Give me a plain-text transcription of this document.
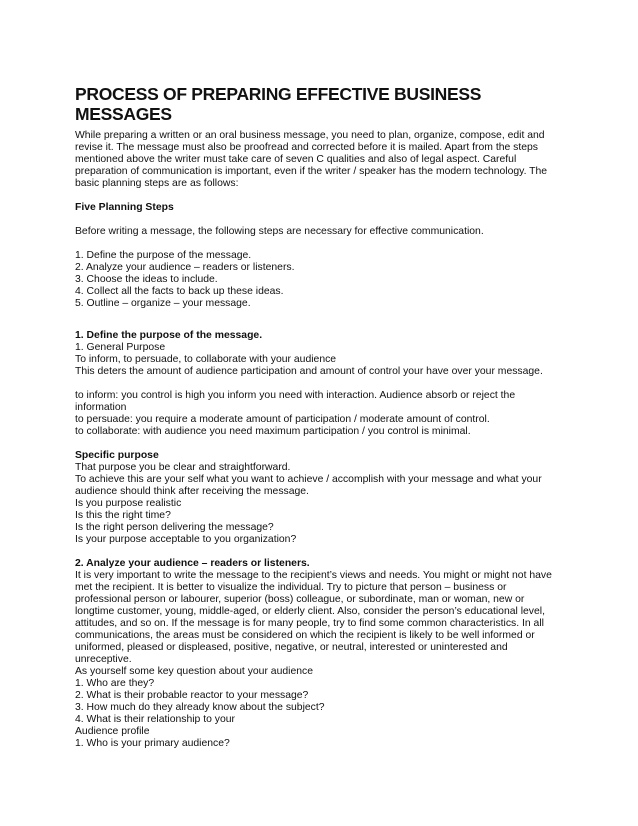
PROCESS OF PREPARING EFFECTIVE BUSINESS
MESSAGES

While preparing a written or an oral business message, you need to plan, organize, compose, edit and

revise it. The message must also be proofread and corrected before it is mailed. Apart from the steps

mentioned above the writer must take care of seven C qualities and also of legal aspect. Careful

preparation of communication is important, even if the writer / speaker has the modern technology. The

basic planning steps are as follows:

Five Planning Steps

Before writing a message, the following steps are necessary for effective communication.

1. Define the purpose of the message.

2. Analyze your audience – readers or listeners.

3. Choose the ideas to include.

4. Collect all the facts to back up these ideas.

5. Outline – organize – your message.

1. Define the purpose of the message.

1. General Purpose

To inform, to persuade, to collaborate with your audience

This deters the amount of audience participation and amount of control your have over your message.

to inform: you control is high you inform you need with interaction. Audience absorb or reject the

information

to persuade: you require a moderate amount of participation / moderate amount of control.

to collaborate: with audience you need maximum participation / you control is minimal.

Specific purpose

That purpose you be clear and straightforward.

To achieve this are your self what you want to achieve / accomplish with your message and what your

audience should think after receiving the message.

Is you purpose realistic

Is this the right time?

Is the right person delivering the message?

Is your purpose acceptable to you organization?

2. Analyze your audience – readers or listeners.

It is very important to write the message to the recipient’s views and needs. You might or might not have

met the recipient. It is better to visualize the individual. Try to picture that person – business or

professional person or labourer, superior (boss) colleague, or subordinate, man or woman, new or

longtime customer, young, middle-aged, or elderly client. Also, consider the person’s educational level,

attitudes, and so on. If the message is for many people, try to find some common characteristics. In all

communications, the areas must be considered on which the recipient is likely to be well informed or

uniformed, pleased or displeased, positive, negative, or neutral, interested or uninterested and

unreceptive.

As yourself some key question about your audience

1. Who are they?

2. What is their probable reactor to your message?

3. How much do they already know about the subject?

4. What is their relationship to your

Audience profile

1. Who is your primary audience?
